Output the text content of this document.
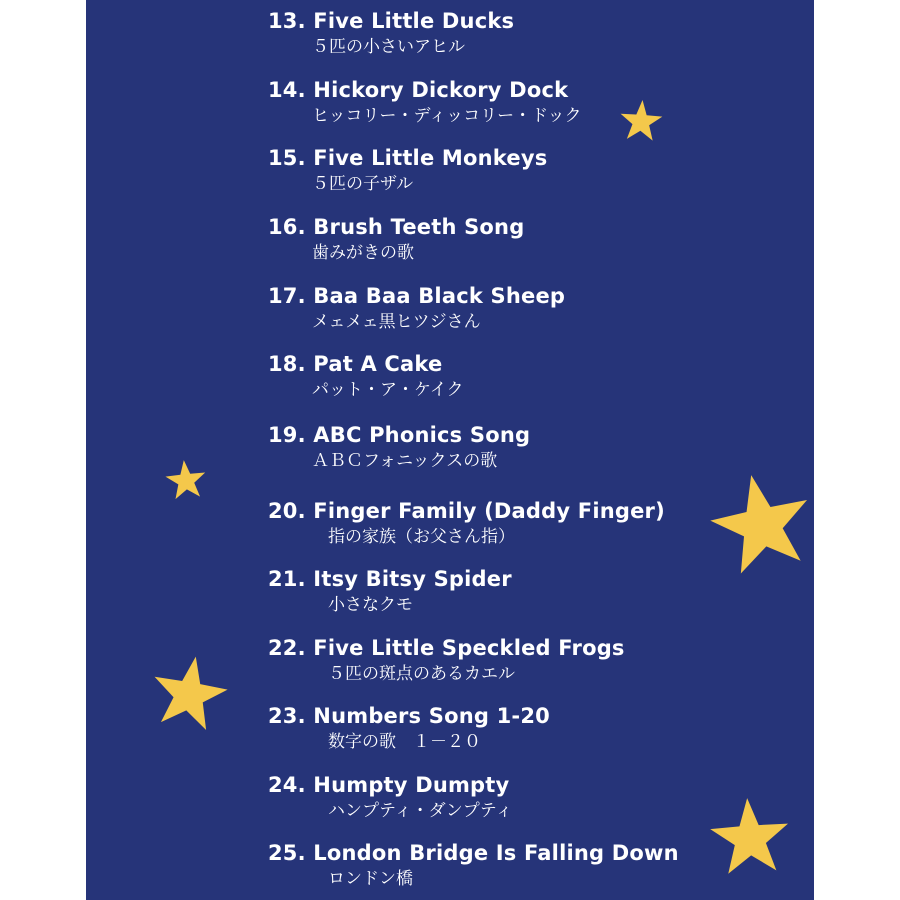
13. Five Little Ducks
５匹の小さいアヒル
14. Hickory Dickory Dock
ヒッコリー・ディッコリー・ドック
15. Five Little Monkeys
５匹の子ザル
16. Brush Teeth Song
歯みがきの歌
17. Baa Baa Black Sheep
メェメェ黒ヒツジさん
18. Pat A Cake
パット・ア・ケイク
19. ABC Phonics Song
ＡＢＣフォニックスの歌
20. Finger Family (Daddy Finger)
指の家族（お父さん指）
21. Itsy Bitsy Spider
小さなクモ
22. Five Little Speckled Frogs
５匹の斑点のあるカエル
23. Numbers Song 1-20
数字の歌　１－２０
24. Humpty Dumpty
ハンプティ・ダンプティ
25. London Bridge Is Falling Down
ロンドン橋
